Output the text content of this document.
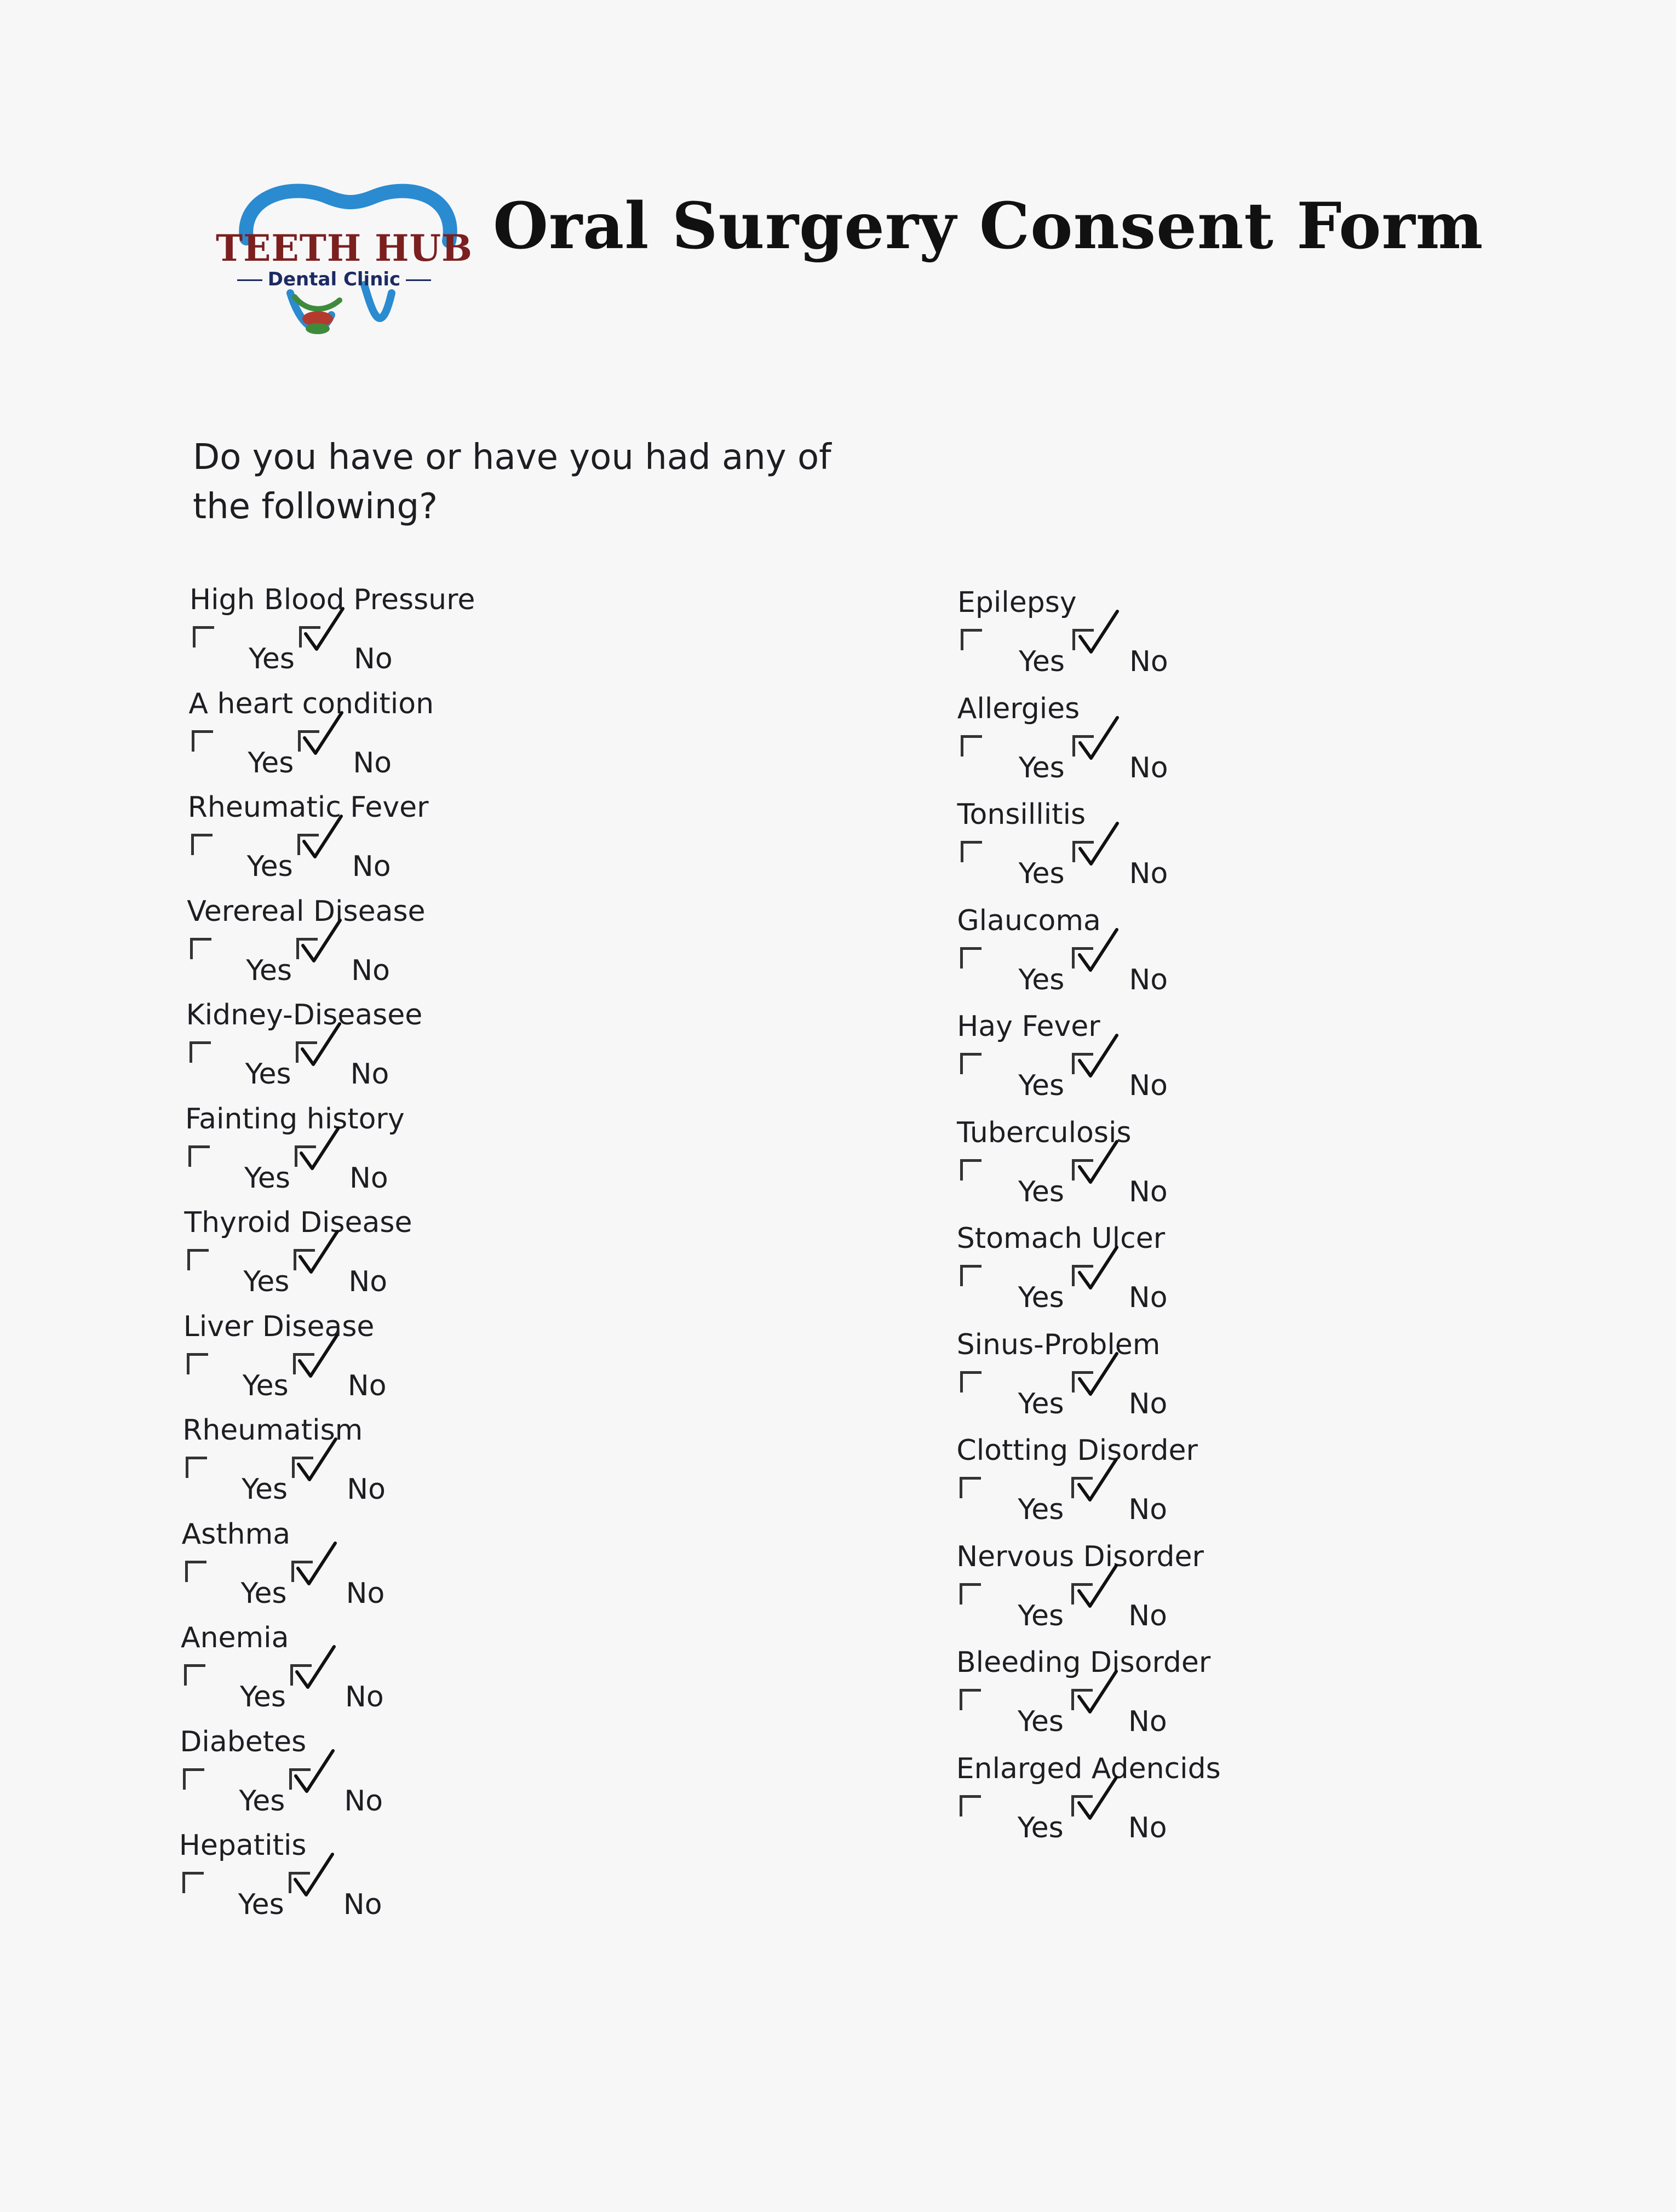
TEETH HUB
Dental Clinic
Oral Surgery Consent Form
Do you have or have you had any of
the following?
High Blood Pressure
Yes No
A heart condition
Yes No
Rheumatic Fever
Yes No
Verereal Disease
Yes No
Kidney-Diseasee
Yes No
Fainting history
Yes No
Thyroid Disease
Yes No
Liver Disease
Yes No
Rheumatism
Yes No
Asthma
Yes No
Anemia
Yes No
Diabetes
Yes No
Hepatitis
Yes No
Epilepsy
Yes No
Allergies
Yes No
Tonsillitis
Yes No
Glaucoma
Yes No
Hay Fever
Yes No
Tuberculosis
Yes No
Stomach Ulcer
Yes No
Sinus-Problem
Yes No
Clotting Disorder
Yes No
Nervous Disorder
Yes No
Bleeding Disorder
Yes No
Enlarged Adencids
Yes No
